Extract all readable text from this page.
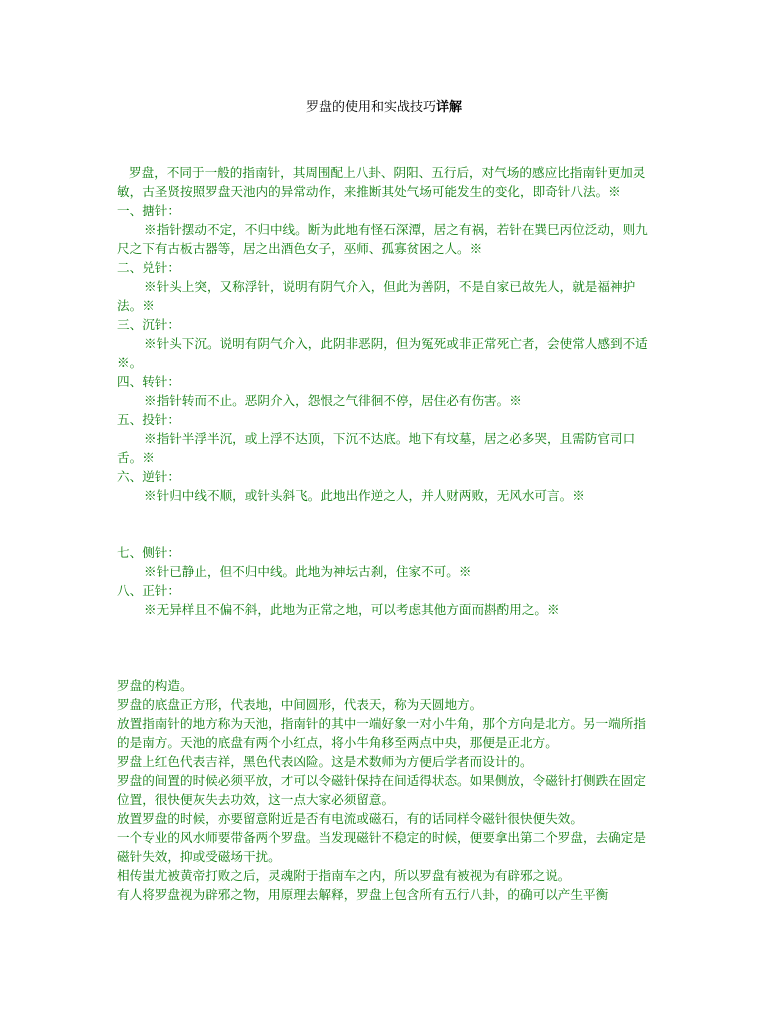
罗盘的使用和实战技巧详解

罗盘，不同于一般的指南针，其周围配上八卦、阴阳、五行后，对气场的感应比指南针更加灵敏，古圣贤按照罗盘天池内的异常动作，来推断其处气场可能发生的变化，即奇针八法。※

一、搪针：

※指针摆动不定，不归中线。断为此地有怪石深潭，居之有祸，若针在巽巳丙位泛动，则九尺之下有古板古器等，居之出酒色女子，巫师、孤寡贫困之人。※

二、兑针：

※针头上突，又称浮针，说明有阴气介入，但此为善阴，不是自家已故先人，就是福神护法。※

三、沉针：

※针头下沉。说明有阴气介入，此阴非恶阴，但为冤死或非正常死亡者，会使常人感到不适※。

四、转针：

※指针转而不止。恶阴介入，怨恨之气徘徊不停，居住必有伤害。※

五、投针：

※指针半浮半沉，或上浮不达顶，下沉不达底。地下有坟墓，居之必多哭，且需防官司口舌。※

六、逆针：

※针归中线不顺，或针头斜飞。此地出作逆之人，并人财两败，无风水可言。※

七、侧针：

※针已静止，但不归中线。此地为神坛古刹，住家不可。※

八、正针：

※无异样且不偏不斜，此地为正常之地，可以考虑其他方面而斟酌用之。※

罗盘的构造。

罗盘的底盘正方形，代表地，中间圆形，代表天，称为天圆地方。

放置指南针的地方称为天池，指南针的其中一端好象一对小牛角，那个方向是北方。另一端所指的是南方。天池的底盘有两个小红点，将小牛角移至两点中央，那便是正北方。

罗盘上红色代表吉祥，黑色代表凶险。这是术数师为方便后学者而设计的。

罗盘的间置的时候必须平放，才可以令磁针保持在间适得状态。如果侧放，令磁针打侧跌在固定位置，很快便灰失去功效，这一点大家必须留意。

放置罗盘的时候，亦要留意附近是否有电流或磁石，有的话同样令磁针很快便失效。

一个专业的风水师要带备两个罗盘。当发现磁针不稳定的时候，便要拿出第二个罗盘，去确定是磁针失效，抑或受磁场干扰。

相传蚩尤被黄帝打败之后，灵魂附于指南车之内，所以罗盘有被视为有辟邪之说。

有人将罗盘视为辟邪之物，用原理去解释，罗盘上包含所有五行八卦，的确可以产生平衡
